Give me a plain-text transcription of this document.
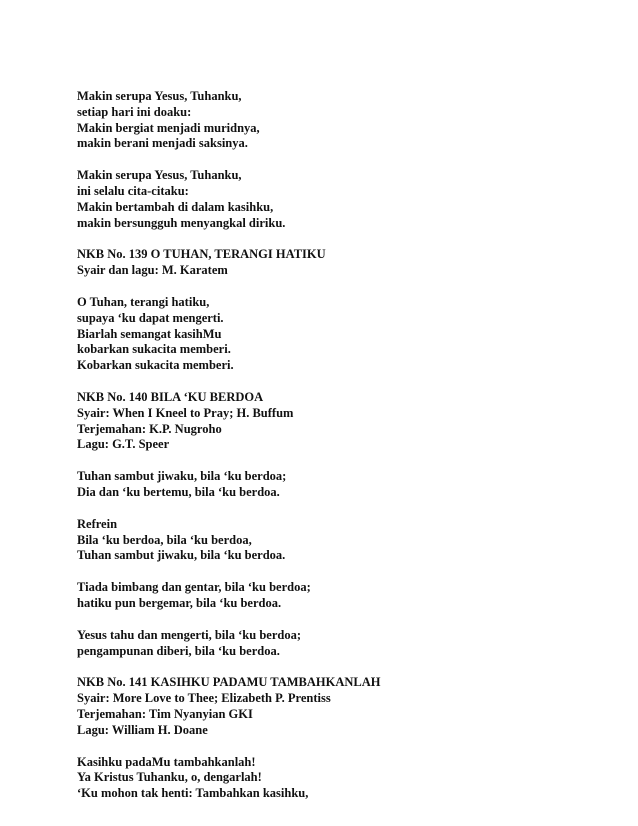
Makin serupa Yesus, Tuhanku,
setiap hari ini doaku:
Makin bergiat menjadi muridnya,
makin berani menjadi saksinya.
Makin serupa Yesus, Tuhanku,
ini selalu cita-citaku:
Makin bertambah di dalam kasihku,
makin bersungguh menyangkal diriku.
NKB No. 139 O TUHAN, TERANGI HATIKU
Syair dan lagu: M. Karatem
O Tuhan, terangi hatiku,
supaya ‘ku dapat mengerti.
Biarlah semangat kasihMu
kobarkan sukacita memberi.
Kobarkan sukacita memberi.
NKB No. 140 BILA ‘KU BERDOA
Syair: When I Kneel to Pray; H. Buffum
Terjemahan: K.P. Nugroho
Lagu: G.T. Speer
Tuhan sambut jiwaku, bila ‘ku berdoa;
Dia dan ‘ku bertemu, bila ‘ku berdoa.
Refrein
Bila ‘ku berdoa, bila ‘ku berdoa,
Tuhan sambut jiwaku, bila ‘ku berdoa.
Tiada bimbang dan gentar, bila ‘ku berdoa;
hatiku pun bergemar, bila ‘ku berdoa.
Yesus tahu dan mengerti, bila ‘ku berdoa;
pengampunan diberi, bila ‘ku berdoa.
NKB No. 141 KASIHKU PADAMU TAMBAHKANLAH
Syair: More Love to Thee; Elizabeth P. Prentiss
Terjemahan: Tim Nyanyian GKI
Lagu: William H. Doane
Kasihku padaMu tambahkanlah!
Ya Kristus Tuhanku, o, dengarlah!
‘Ku mohon tak henti: Tambahkan kasihku,
